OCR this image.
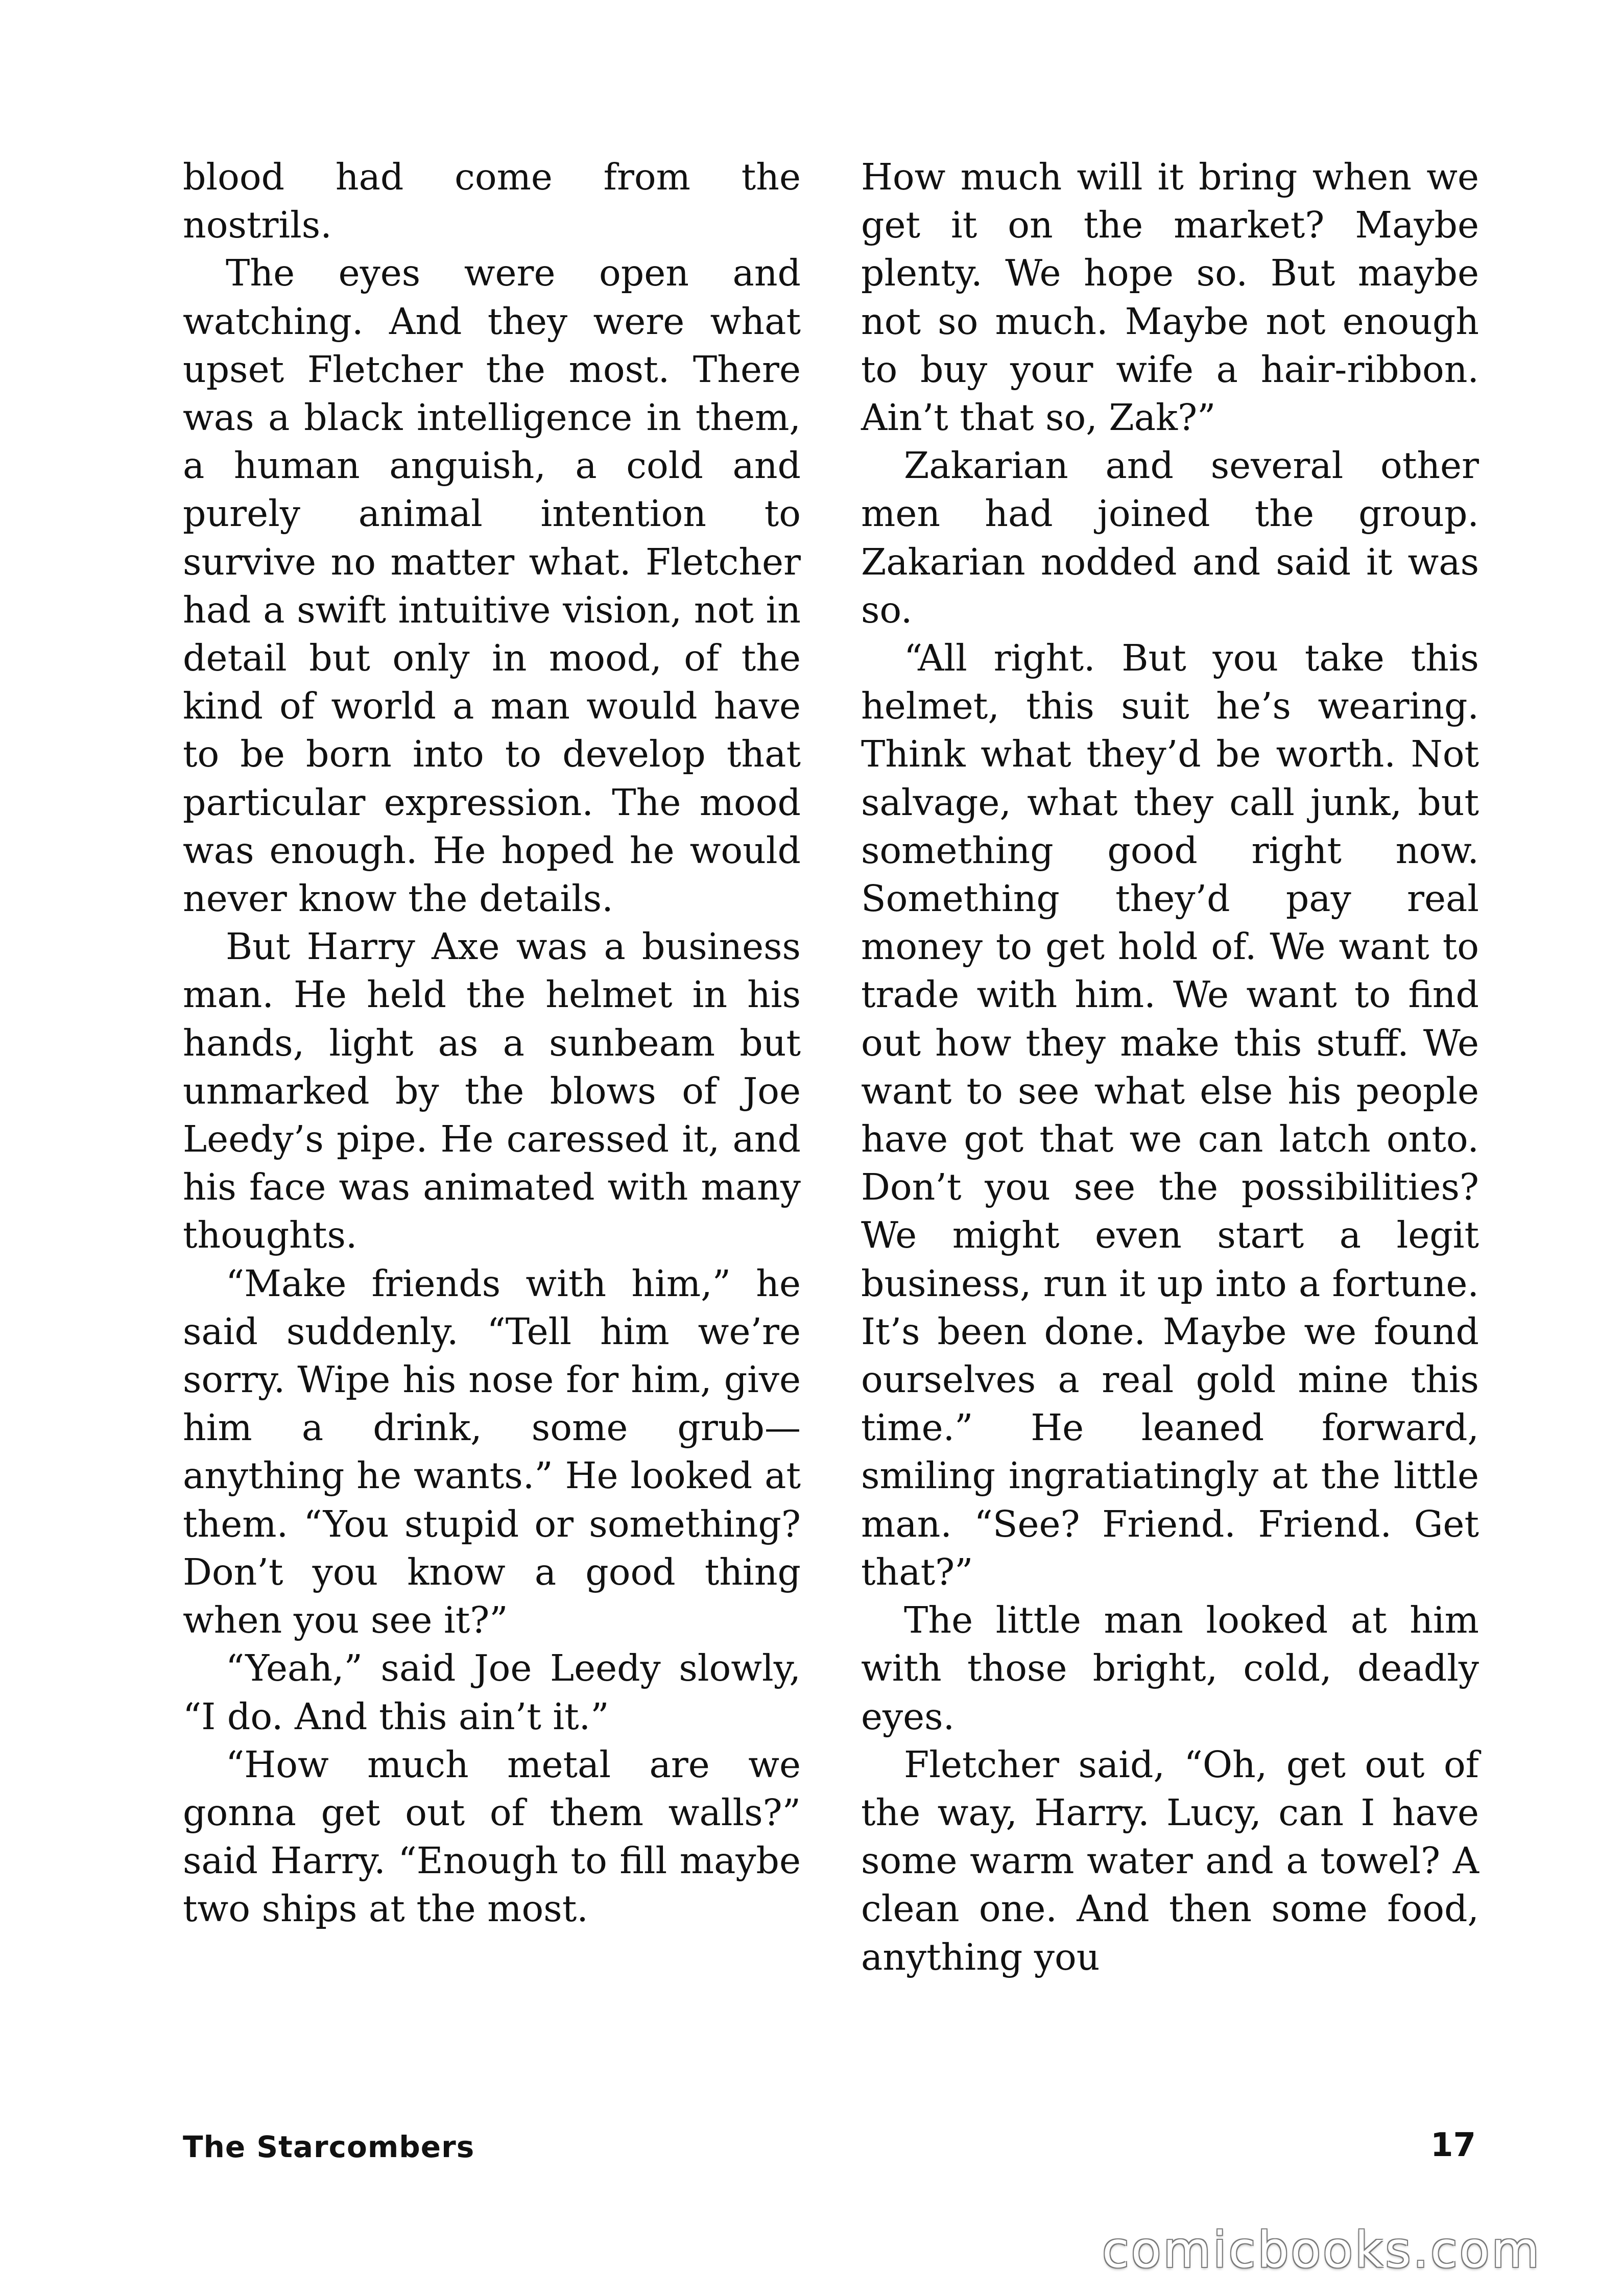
blood had come from the nostrils.

The eyes were open and watching. And they were what upset Fletcher the most. There was a black intelligence in them, a human anguish, a cold and purely animal intention to survive no matter what. Fletcher had a swift intuitive vision, not in detail but only in mood, of the kind of world a man would have to be born into to develop that particular expression. The mood was enough. He hoped he would never know the details.

But Harry Axe was a business man. He held the helmet in his hands, light as a sunbeam but unmarked by the blows of Joe Leedy’s pipe. He caressed it, and his face was animated with many thoughts.

“Make friends with him,” he said suddenly. “Tell him we’re sorry. Wipe his nose for him, give him a drink, some grub—anything he wants.” He looked at them. “You stupid or something? Don’t you know a good thing when you see it?”

“Yeah,” said Joe Leedy slowly, “I do. And this ain’t it.”

“How much metal are we gonna get out of them walls?” said Harry. “Enough to fill maybe two ships at the most.

How much will it bring when we get it on the market? Maybe plenty. We hope so. But maybe not so much. Maybe not enough to buy your wife a hair-ribbon. Ain’t that so, Zak?”

Zakarian and several other men had joined the group. Zakarian nodded and said it was so.

“All right. But you take this helmet, this suit he’s wearing. Think what they’d be worth. Not salvage, what they call junk, but something good right now. Something they’d pay real money to get hold of. We want to trade with him. We want to find out how they make this stuff. We want to see what else his people have got that we can latch onto. Don’t you see the possibilities? We might even start a legit business, run it up into a fortune. It’s been done. Maybe we found ourselves a real gold mine this time.” He leaned forward, smiling ingratiatingly at the little man. “See? Friend. Friend. Get that?”

The little man looked at him with those bright, cold, deadly eyes.

Fletcher said, “Oh, get out of the way, Harry. Lucy, can I have some warm water and a towel? A clean one. And then some food, anything you

The Starcombers	17
comicbooks.com
